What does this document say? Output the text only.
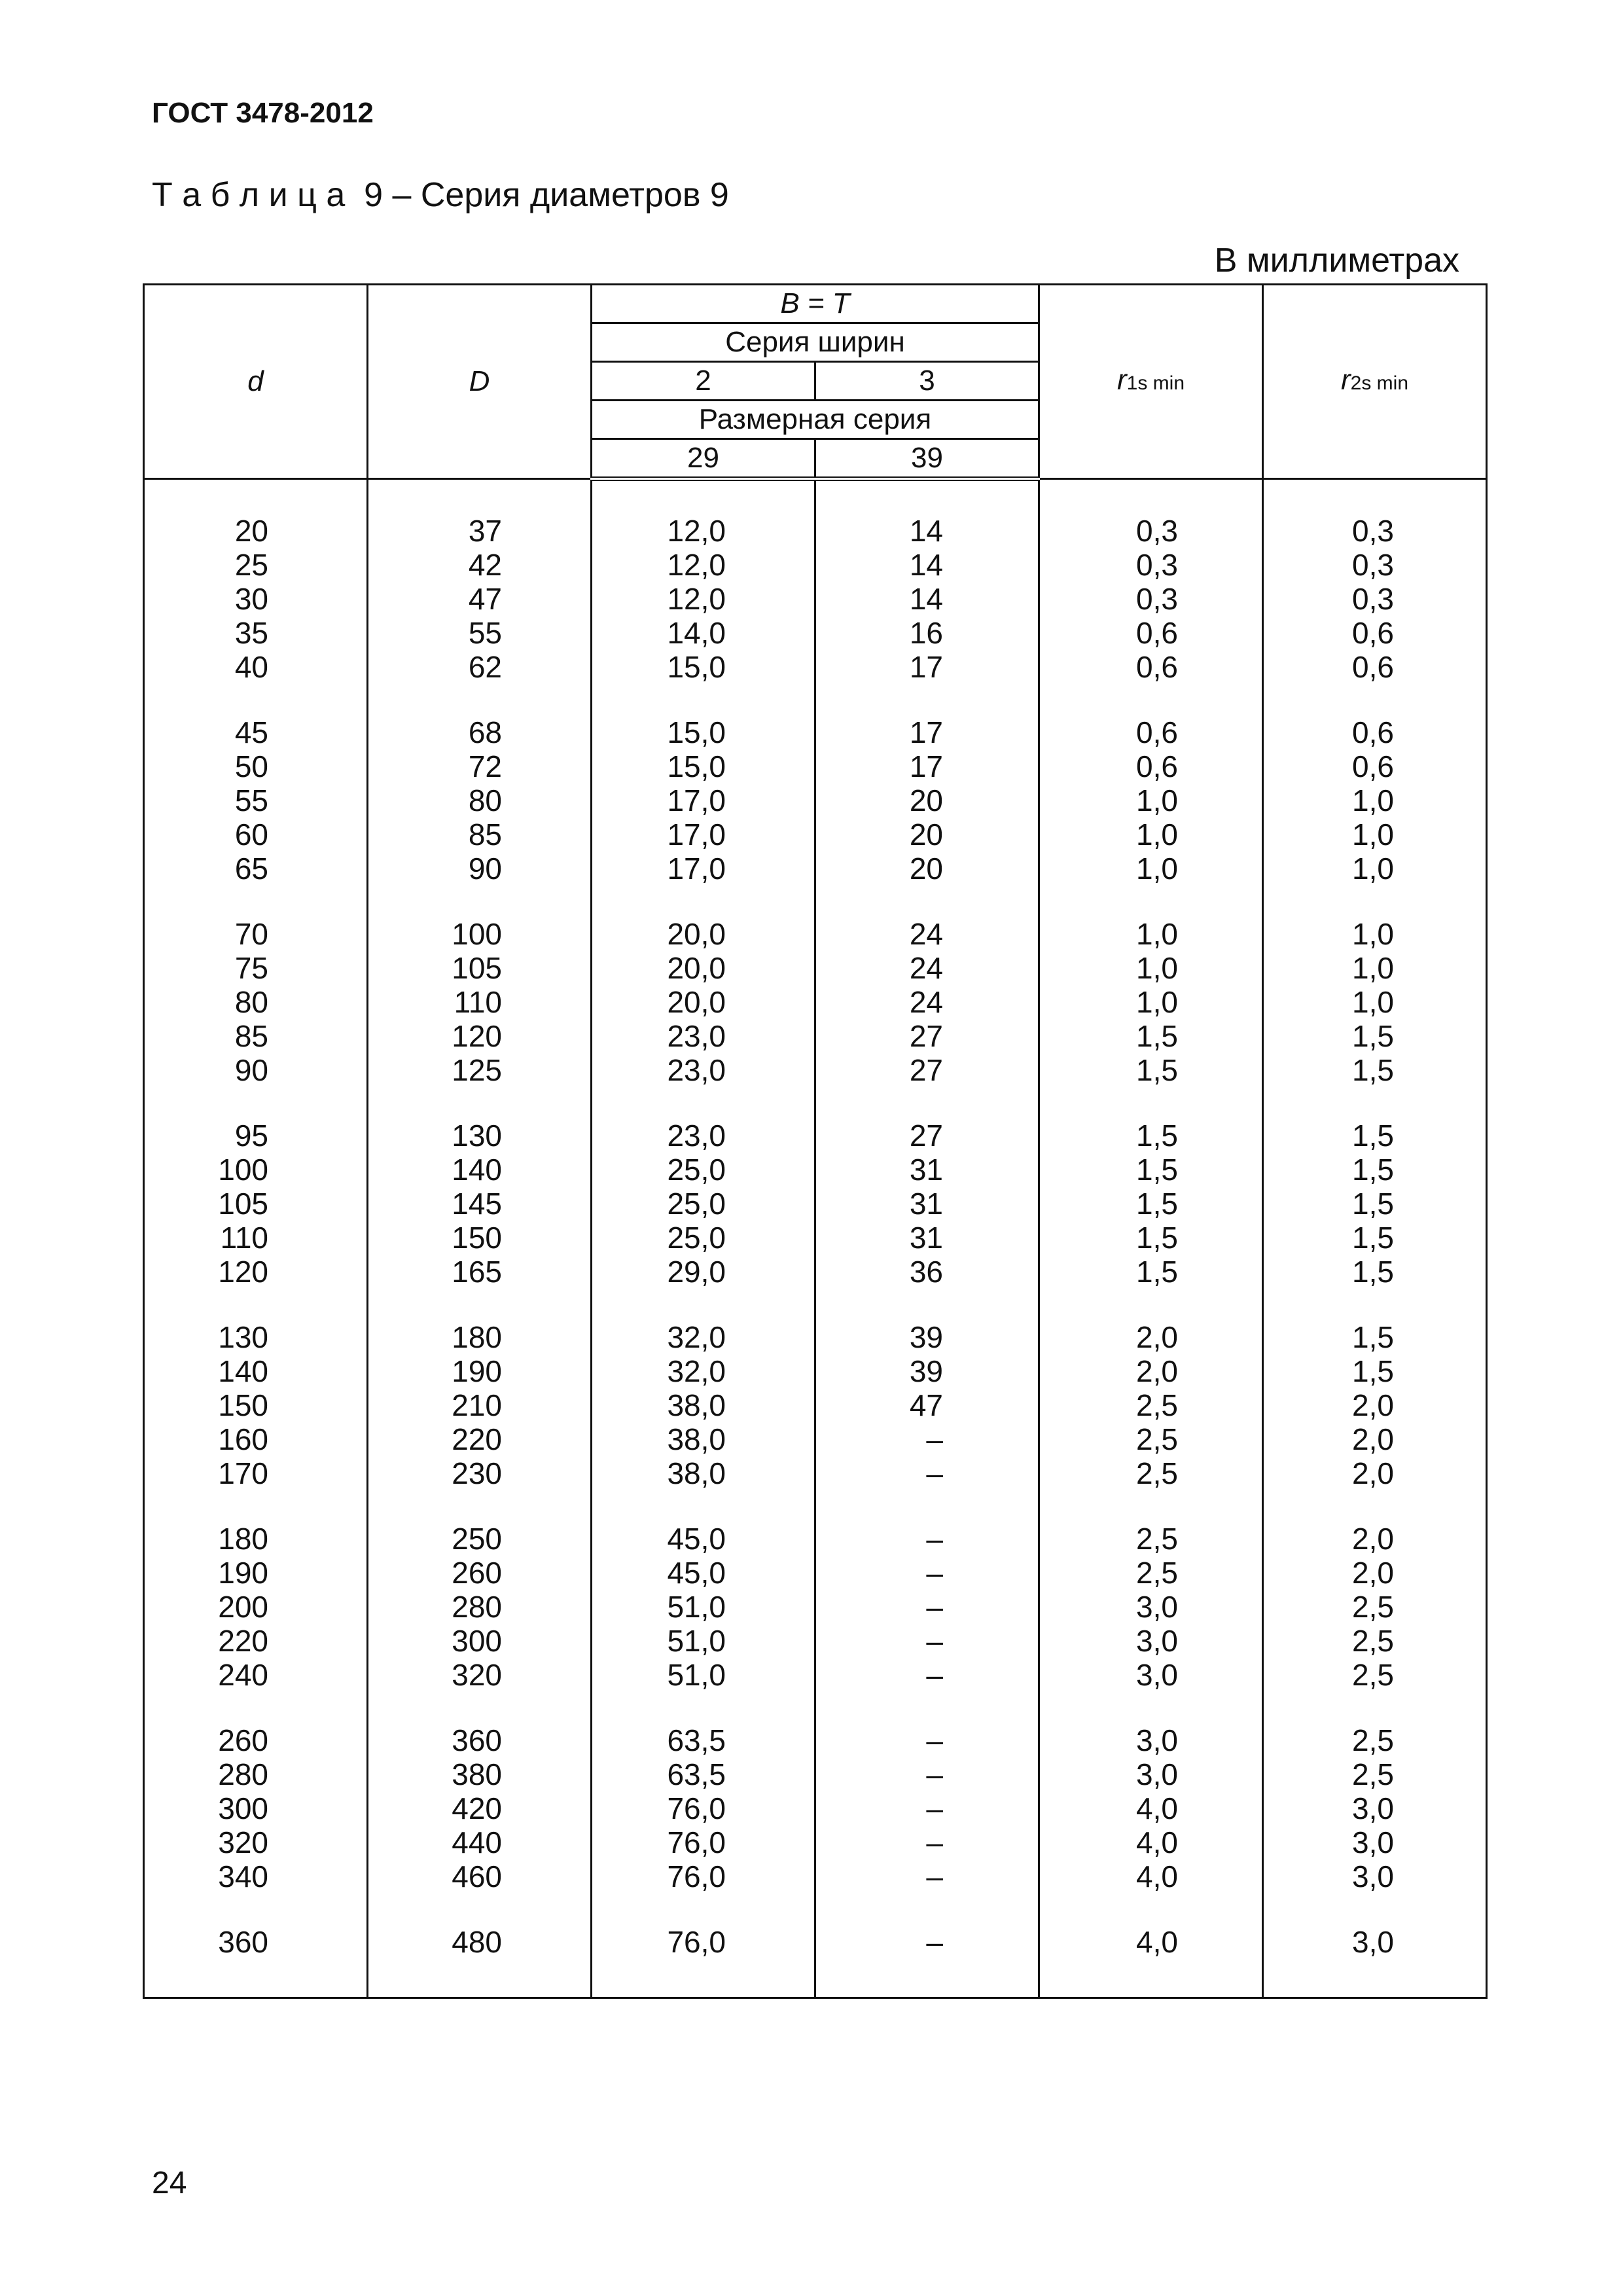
ГОСТ 3478-2012
Т а б л и ц а  9 – Серия диаметров 9
В миллиметрах
d	D	B = T		r1s min	r2s min
		Серия ширин			
		2	3		
		Размерная серия			
		29	39		

20	37	12,0	14	0,3	0,3
25	42	12,0	14	0,3	0,3
30	47	12,0	14	0,3	0,3
35	55	14,0	16	0,6	0,6
40	62	15,0	17	0,6	0,6

45	68	15,0	17	0,6	0,6
50	72	15,0	17	0,6	0,6
55	80	17,0	20	1,0	1,0
60	85	17,0	20	1,0	1,0
65	90	17,0	20	1,0	1,0

70	100	20,0	24	1,0	1,0
75	105	20,0	24	1,0	1,0
80	110	20,0	24	1,0	1,0
85	120	23,0	27	1,5	1,5
90	125	23,0	27	1,5	1,5

95	130	23,0	27	1,5	1,5
100	140	25,0	31	1,5	1,5
105	145	25,0	31	1,5	1,5
110	150	25,0	31	1,5	1,5
120	165	29,0	36	1,5	1,5

130	180	32,0	39	2,0	1,5
140	190	32,0	39	2,0	1,5
150	210	38,0	47	2,5	2,0
160	220	38,0	–	2,5	2,0
170	230	38,0	–	2,5	2,0

180	250	45,0	–	2,5	2,0
190	260	45,0	–	2,5	2,0
200	280	51,0	–	3,0	2,5
220	300	51,0	–	3,0	2,5
240	320	51,0	–	3,0	2,5

260	360	63,5	–	3,0	2,5
280	380	63,5	–	3,0	2,5
300	420	76,0	–	4,0	3,0
320	440	76,0	–	4,0	3,0
340	460	76,0	–	4,0	3,0

360	480	76,0	–	4,0	3,0

24
